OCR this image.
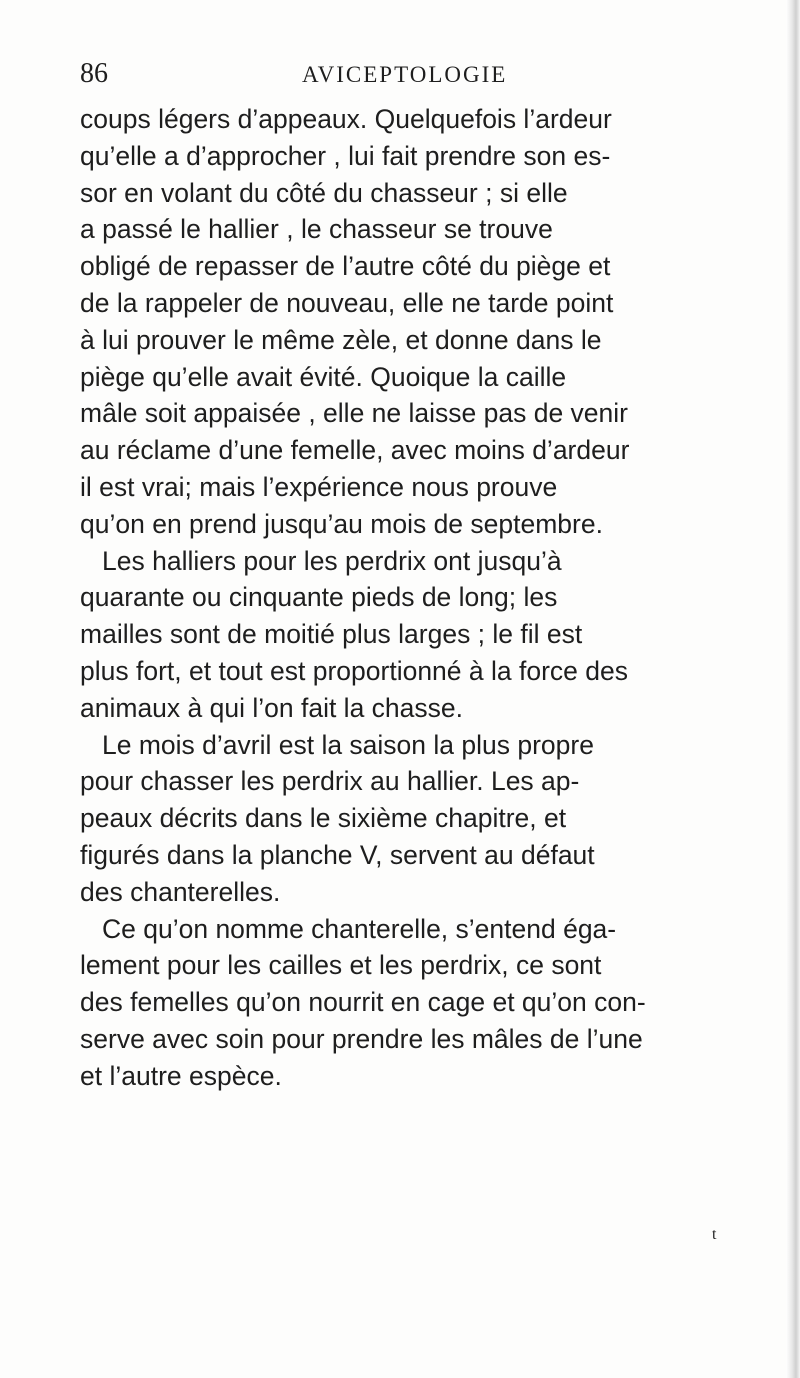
86	AVICEPTOLOGIE
coups légers d’appeaux. Quelquefois l’ardeur
qu’elle a d’approcher , lui fait prendre son es-
sor en volant du côté du chasseur ; si elle
a passé le hallier , le chasseur se trouve
obligé de repasser de l’autre côté du piège et
de la rappeler de nouveau, elle ne tarde point
à lui prouver le même zèle, et donne dans le
piège qu’elle avait évité. Quoique la caille
mâle soit appaisée , elle ne laisse pas de venir
au réclame d’une femelle, avec moins d’ardeur
il est vrai; mais l’expérience nous prouve
qu’on en prend jusqu’au mois de septembre.
Les halliers pour les perdrix ont jusqu’à
quarante ou cinquante pieds de long; les
mailles sont de moitié plus larges ; le fil est
plus fort, et tout est proportionné à la force des
animaux à qui l’on fait la chasse.
Le mois d’avril est la saison la plus propre
pour chasser les perdrix au hallier. Les ap-
peaux décrits dans le sixième chapitre, et
figurés dans la planche V, servent au défaut
des chanterelles.
Ce qu’on nomme chanterelle, s’entend éga-
lement pour les cailles et les perdrix, ce sont
des femelles qu’on nourrit en cage et qu’on con-
serve avec soin pour prendre les mâles de l’une
et l’autre espèce.
t
